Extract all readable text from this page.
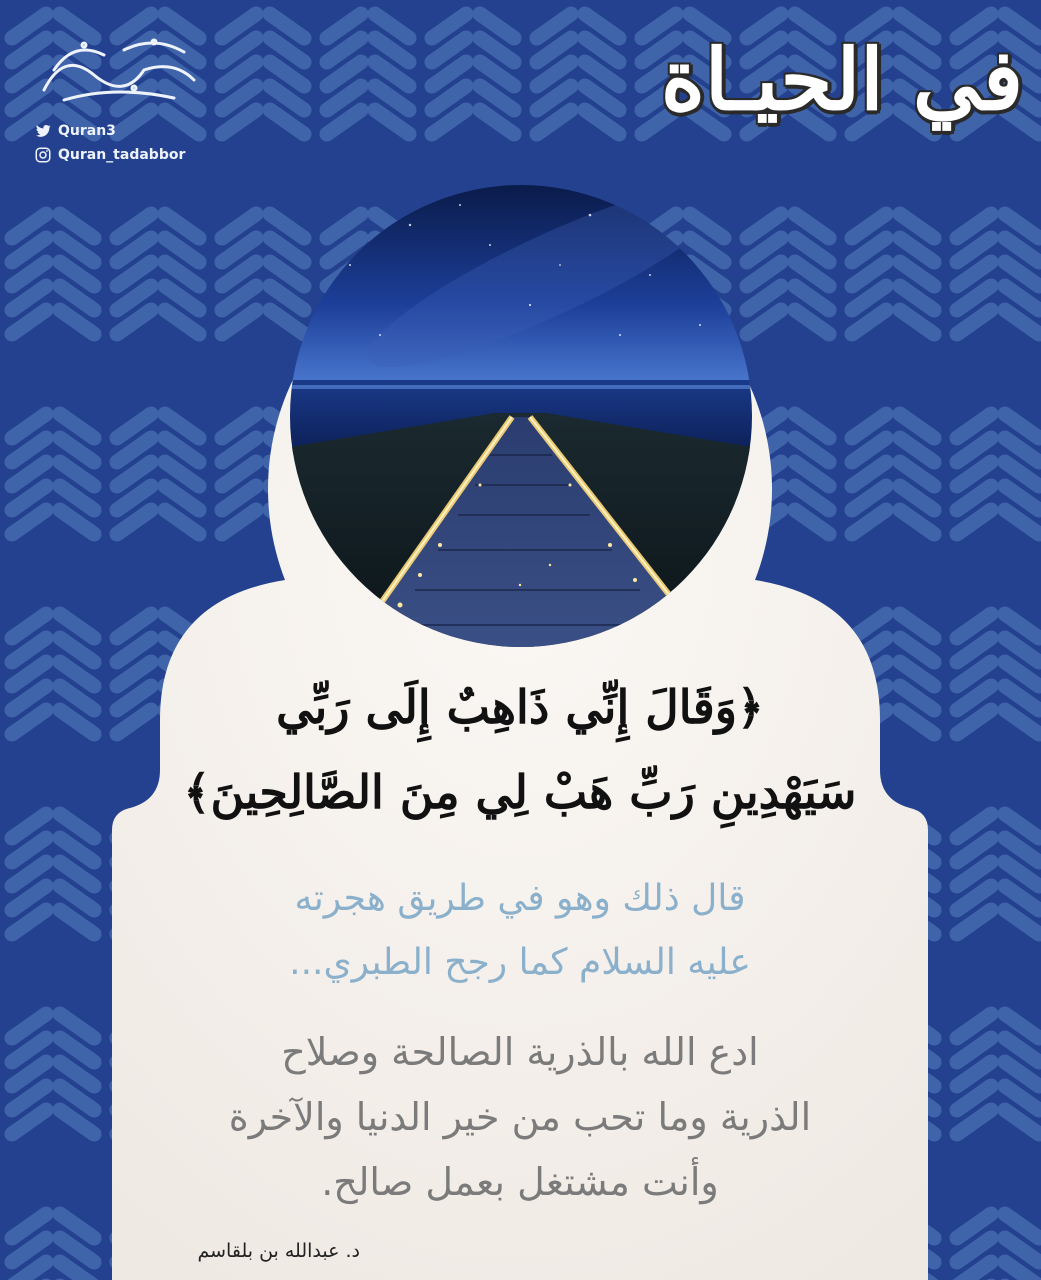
Quran3
Quran_tadabbor
في الحيـاة
﴿وَقَالَ إِنِّي ذَاهِبٌ إِلَى رَبِّي
سَيَهْدِينِ رَبِّ هَبْ لِي مِنَ الصَّالِحِينَ﴾
قال ذلك وهو في طريق هجرته
عليه السلام كما رجح الطبري...
ادع الله بالذرية الصالحة وصلاح
الذرية وما تحب من خير الدنيا والآخرة
وأنت مشتغل بعمل صالح.
د. عبدالله بن بلقاسم
